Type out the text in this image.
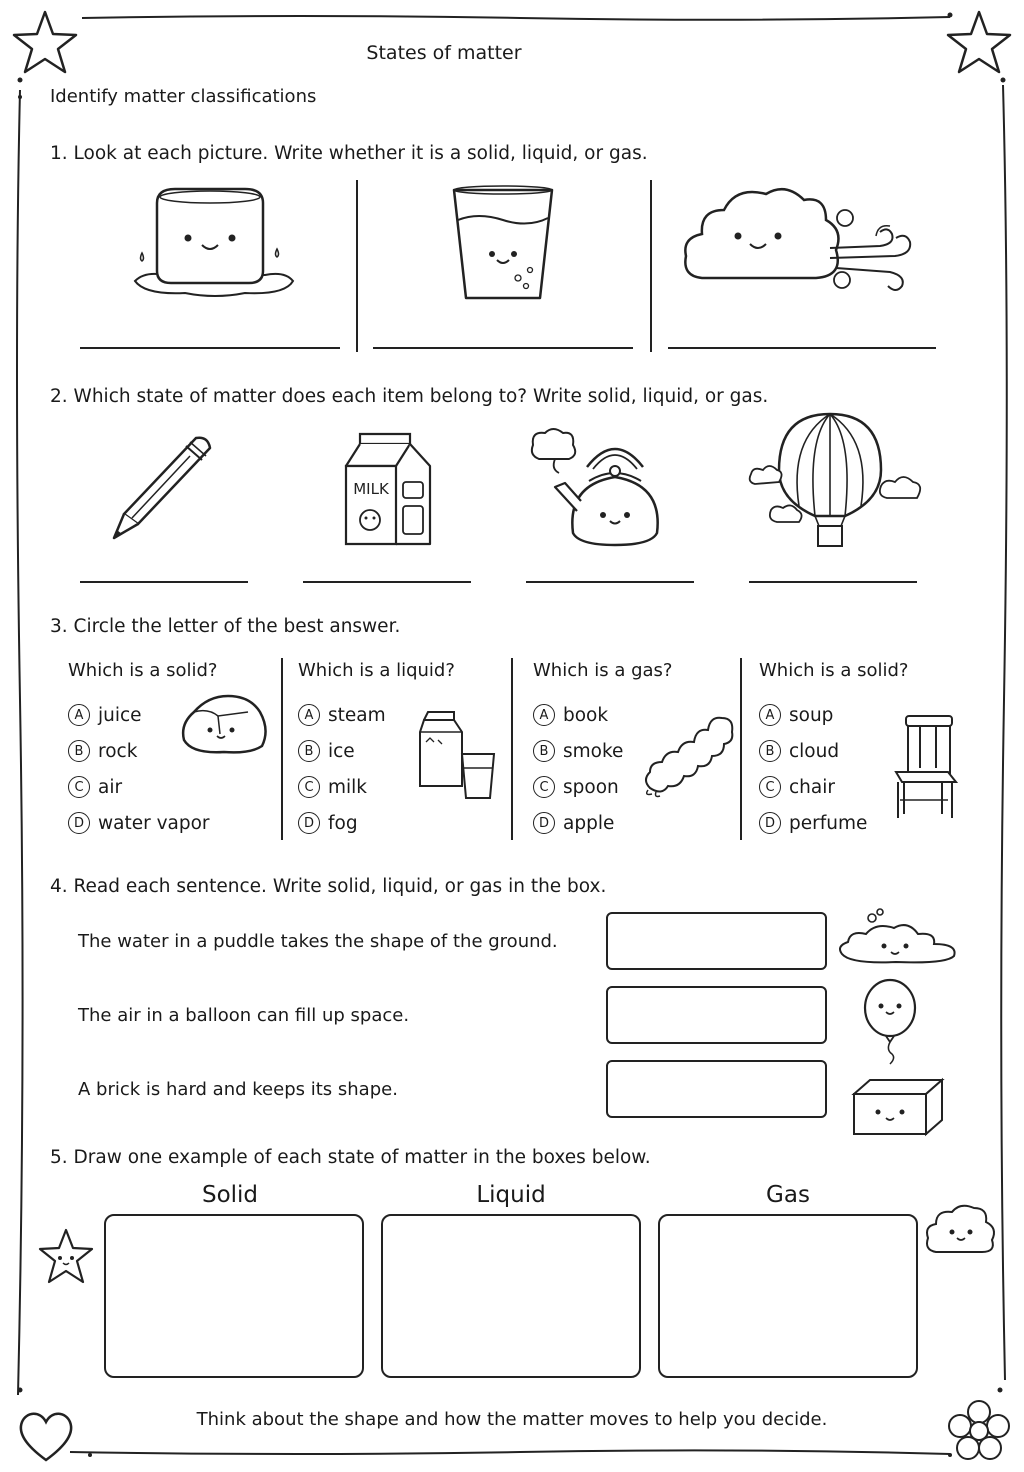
States of matter
Identify matter classifications
1. Look at each picture. Write whether it is a solid, liquid, or gas.
2. Which state of matter does each item belong to? Write solid, liquid, or gas.
MILK
3. Circle the letter of the best answer.
Which is a solid?
A juice
B rock
C air
D water vapor
Which is a liquid?
A steam
B ice
C milk
D fog
Which is a gas?
A book
B smoke
C spoon
D apple
Which is a solid?
A soup
B cloud
C chair
D perfume
4. Read each sentence. Write solid, liquid, or gas in the box.
The water in a puddle takes the shape of the ground.
The air in a balloon can fill up space.
A brick is hard and keeps its shape.
5. Draw one example of each state of matter in the boxes below.
Solid	Liquid	Gas
Think about the shape and how the matter moves to help you decide.
